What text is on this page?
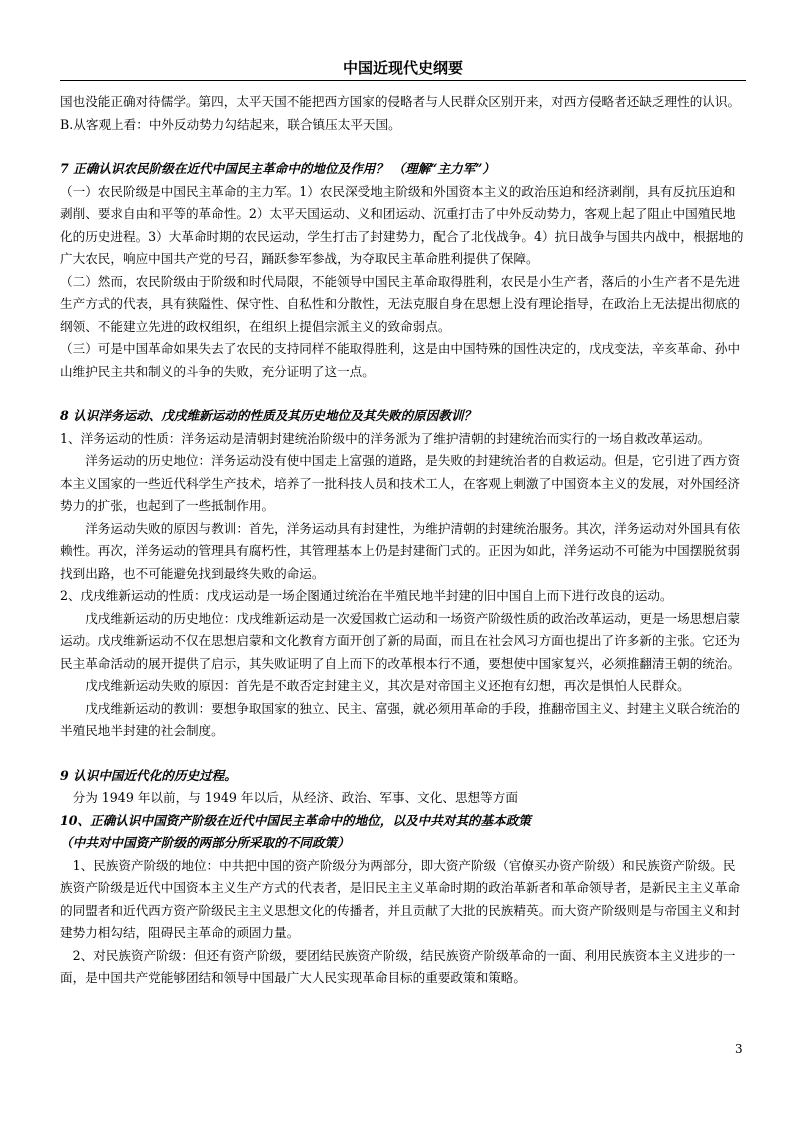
中国近现代史纲要

国也没能正确对待儒学。第四，太平天国不能把西方国家的侵略者与人民群众区别开来，对西方侵略者还缺乏理性的认识。

B.从客观上看：中外反动势力勾结起来，联合镇压太平天国。

7 正确认识农民阶级在近代中国民主革命中的地位及作用？ （理解“主力军”）

（一）农民阶级是中国民主革命的主力军。1）农民深受地主阶级和外国资本主义的政治压迫和经济剥削，具有反抗压迫和剥削、要求自由和平等的革命性。2）太平天国运动、义和团运动、沉重打击了中外反动势力，客观上起了阻止中国殖民地化的历史进程。3）大革命时期的农民运动，学生打击了封建势力，配合了北伐战争。4）抗日战争与国共内战中，根据地的广大农民，响应中国共产党的号召，踊跃参军参战，为夺取民主革命胜利提供了保障。

（二）然而，农民阶级由于阶级和时代局限，不能领导中国民主革命取得胜利，农民是小生产者，落后的小生产者不是先进生产方式的代表，具有狭隘性、保守性、自私性和分散性，无法克服自身在思想上没有理论指导，在政治上无法提出彻底的纲领、不能建立先进的政权组织，在组织上提倡宗派主义的致命弱点。

（三）可是中国革命如果失去了农民的支持同样不能取得胜利，这是由中国特殊的国性决定的，戊戌变法，辛亥革命、孙中山维护民主共和制义的斗争的失败，充分证明了这一点。

8 认识洋务运动、戊戌维新运动的性质及其历史地位及其失败的原因教训？

1、洋务运动的性质：洋务运动是清朝封建统治阶级中的洋务派为了维护清朝的封建统治而实行的一场自救改革运动。

洋务运动的历史地位：洋务运动没有使中国走上富强的道路，是失败的封建统治者的自救运动。但是，它引进了西方资本主义国家的一些近代科学生产技术，培养了一批科技人员和技术工人，在客观上刺激了中国资本主义的发展，对外国经济势力的扩张，也起到了一些抵制作用。

洋务运动失败的原因与教训：首先，洋务运动具有封建性，为维护清朝的封建统治服务。其次，洋务运动对外国具有依赖性。再次，洋务运动的管理具有腐朽性，其管理基本上仍是封建衙门式的。正因为如此，洋务运动不可能为中国摆脱贫弱找到出路，也不可能避免找到最终失败的命运。

2、戊戌维新运动的性质：戊戌运动是一场企图通过统治在半殖民地半封建的旧中国自上而下进行改良的运动。

戊戌维新运动的历史地位：戊戌维新运动是一次爱国救亡运动和一场资产阶级性质的政治改革运动，更是一场思想启蒙运动。戊戌维新运动不仅在思想启蒙和文化教育方面开创了新的局面，而且在社会风习方面也提出了许多新的主张。它还为民主革命活动的展开提供了启示，其失败证明了自上而下的改革根本行不通，要想使中国家复兴，必须推翻清王朝的统治。

戊戌维新运动失败的原因：首先是不敢否定封建主义，其次是对帝国主义还抱有幻想，再次是惧怕人民群众。

戊戌维新运动的教训：要想争取国家的独立、民主、富强，就必须用革命的手段，推翻帝国主义、封建主义联合统治的半殖民地半封建的社会制度。

9 认识中国近代化的历史过程。

分为 1949 年以前，与 1949 年以后，从经济、政治、军事、文化、思想等方面

10、正确认识中国资产阶级在近代中国民主革命中的地位，以及中共对其的基本政策

（中共对中国资产阶级的两部分所采取的不同政策）

1、民族资产阶级的地位：中共把中国的资产阶级分为两部分，即大资产阶级（官僚买办资产阶级）和民族资产阶级。民族资产阶级是近代中国资本主义生产方式的代表者，是旧民主主义革命时期的政治革新者和革命领导者，是新民主主义革命的同盟者和近代西方资产阶级民主主义思想文化的传播者，并且贡献了大批的民族精英。而大资产阶级则是与帝国主义和封建势力相勾结，阻碍民主革命的顽固力量。

2、对民族资产阶级：但还有资产阶级，要团结民族资产阶级，结民族资产阶级革命的一面、利用民族资本主义进步的一面，是中国共产党能够团结和领导中国最广大人民实现革命目标的重要政策和策略。

3
